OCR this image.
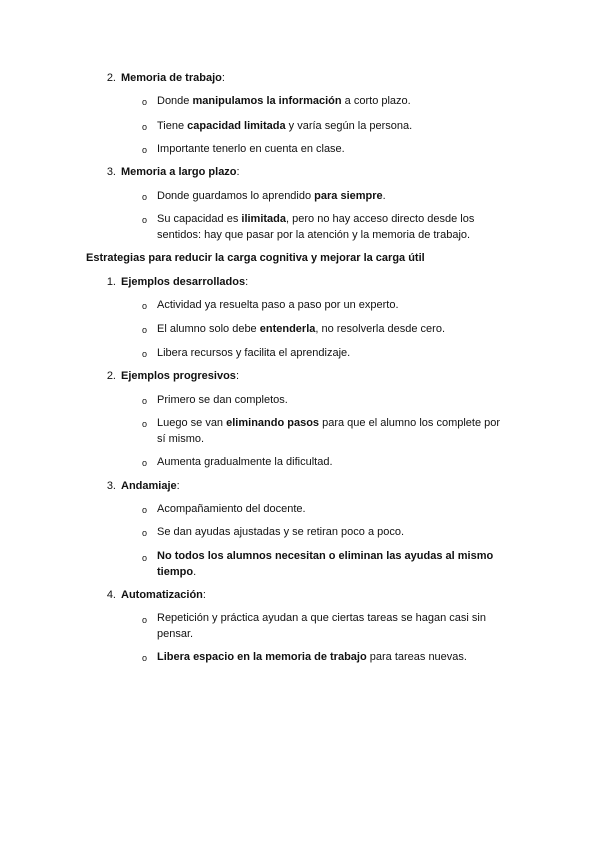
2. Memoria de trabajo:
o Donde manipulamos la información a corto plazo.
o Tiene capacidad limitada y varía según la persona.
o Importante tenerlo en cuenta en clase.
3. Memoria a largo plazo:
o Donde guardamos lo aprendido para siempre.
o Su capacidad es ilimitada, pero no hay acceso directo desde los sentidos: hay que pasar por la atención y la memoria de trabajo.
Estrategias para reducir la carga cognitiva y mejorar la carga útil
1. Ejemplos desarrollados:
o Actividad ya resuelta paso a paso por un experto.
o El alumno solo debe entenderla, no resolverla desde cero.
o Libera recursos y facilita el aprendizaje.
2. Ejemplos progresivos:
o Primero se dan completos.
o Luego se van eliminando pasos para que el alumno los complete por sí mismo.
o Aumenta gradualmente la dificultad.
3. Andamiaje:
o Acompañamiento del docente.
o Se dan ayudas ajustadas y se retiran poco a poco.
o No todos los alumnos necesitan o eliminan las ayudas al mismo tiempo.
4. Automatización:
o Repetición y práctica ayudan a que ciertas tareas se hagan casi sin pensar.
o Libera espacio en la memoria de trabajo para tareas nuevas.
